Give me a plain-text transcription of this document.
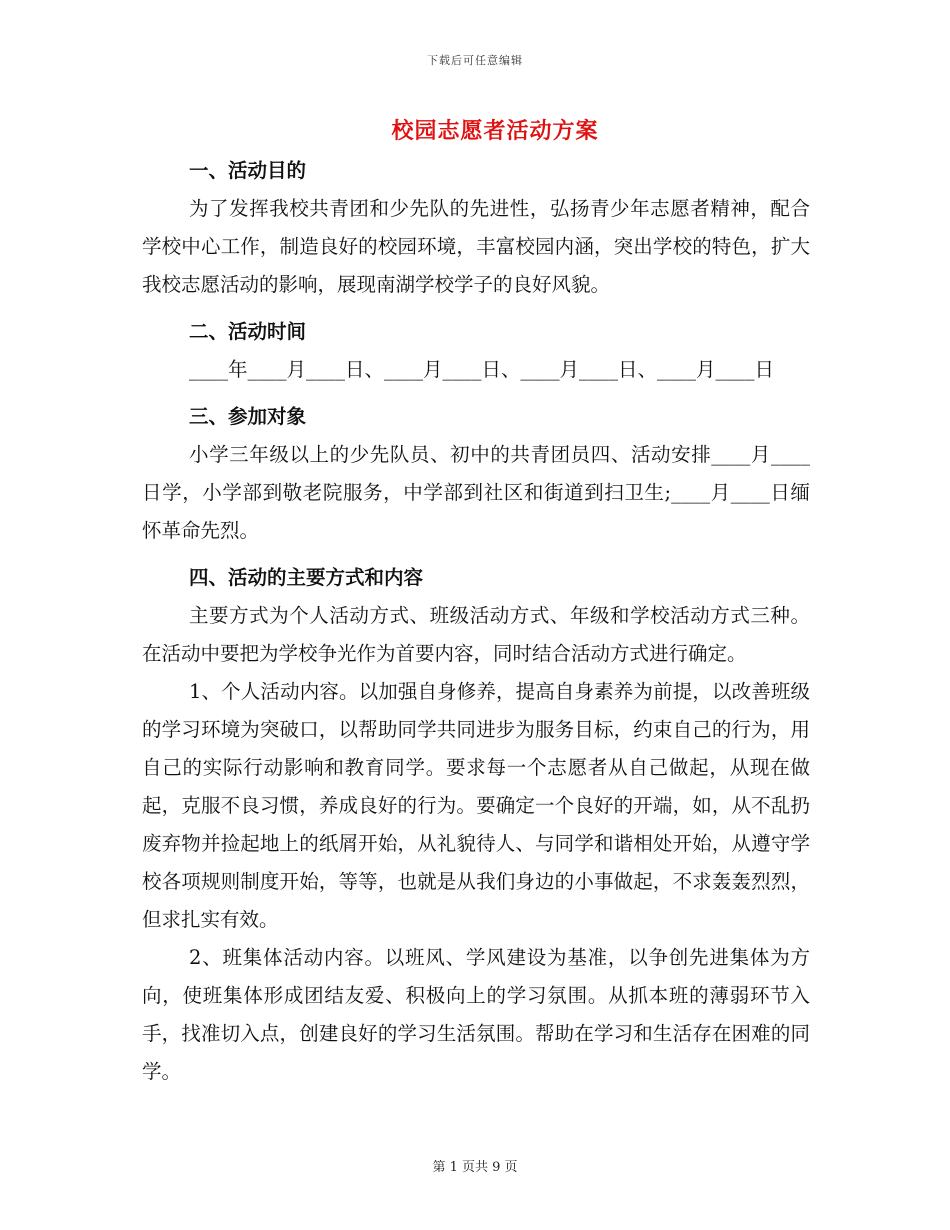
下载后可任意编辑
校园志愿者活动方案

一、活动目的

为了发挥我校共青团和少先队的先进性，弘扬青少年志愿者精神，配合学校中心工作，制造良好的校园环境，丰富校园内涵，突出学校的特色，扩大我校志愿活动的影响，展现南湖学校学子的良好风貌。

二、活动时间

____年____月____日、____月____日、____月____日、____月____日

三、参加对象

小学三年级以上的少先队员、初中的共青团员四、活动安排____月____日学，小学部到敬老院服务，中学部到社区和街道到扫卫生;____月____日缅怀革命先烈。

四、活动的主要方式和内容

主要方式为个人活动方式、班级活动方式、年级和学校活动方式三种。在活动中要把为学校争光作为首要内容，同时结合活动方式进行确定。

1、个人活动内容。以加强自身修养，提高自身素养为前提，以改善班级的学习环境为突破口，以帮助同学共同进步为服务目标，约束自己的行为，用自己的实际行动影响和教育同学。要求每一个志愿者从自己做起，从现在做起，克服不良习惯，养成良好的行为。要确定一个良好的开端，如，从不乱扔废弃物并捡起地上的纸屑开始，从礼貌待人、与同学和谐相处开始，从遵守学校各项规则制度开始，等等，也就是从我们身边的小事做起，不求轰轰烈烈，但求扎实有效。

2、班集体活动内容。以班风、学风建设为基准，以争创先进集体为方向，使班集体形成团结友爱、积极向上的学习氛围。从抓本班的薄弱环节入手，找准切入点，创建良好的学习生活氛围。帮助在学习和生活存在困难的同学。

第 1 页共 9 页
